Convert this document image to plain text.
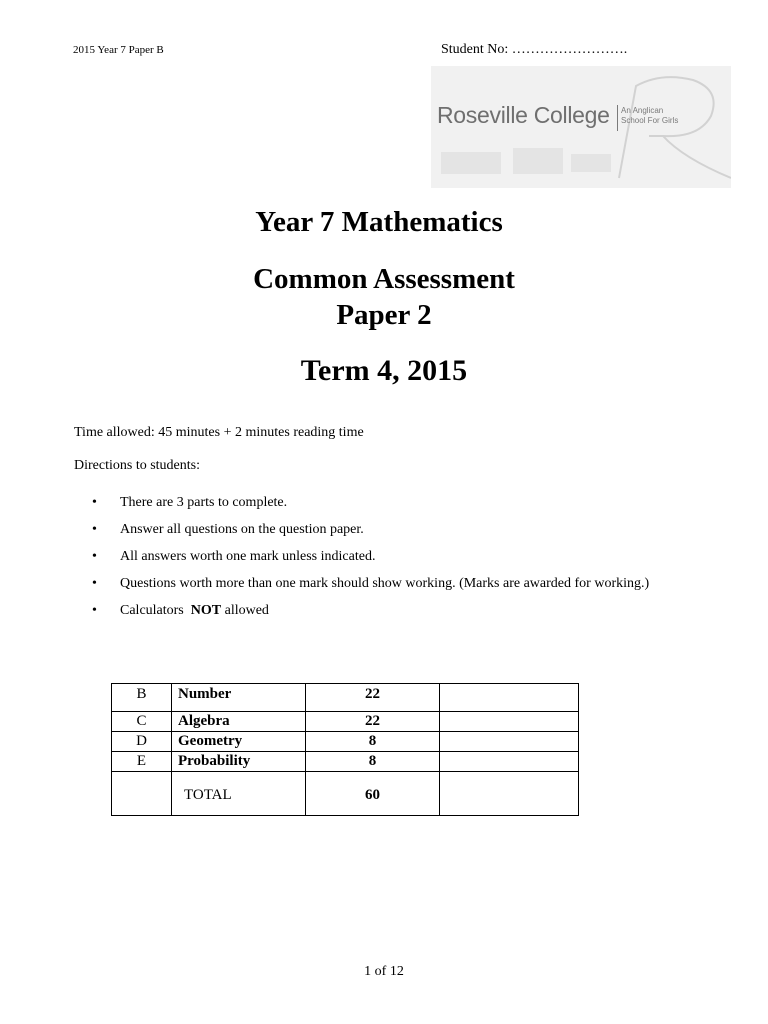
2015 Year 7 Paper B	Student No: …………………….
Roseville College An Anglican
School For Girls
Year 7 Mathematics
Common Assessment
Paper 2
Term 4, 2015
Time allowed: 45 minutes + 2 minutes reading time
Directions to students:
• There are 3 parts to complete.
• Answer all questions on the question paper.
• All answers worth one mark unless indicated.
• Questions worth more than one mark should show working. (Marks are awarded for working.)
• Calculators  NOT allowed
B	Number	22	
C	Algebra	22	
D	Geometry	8	
E	Probability	8	
	TOTAL	60	
1 of 12
